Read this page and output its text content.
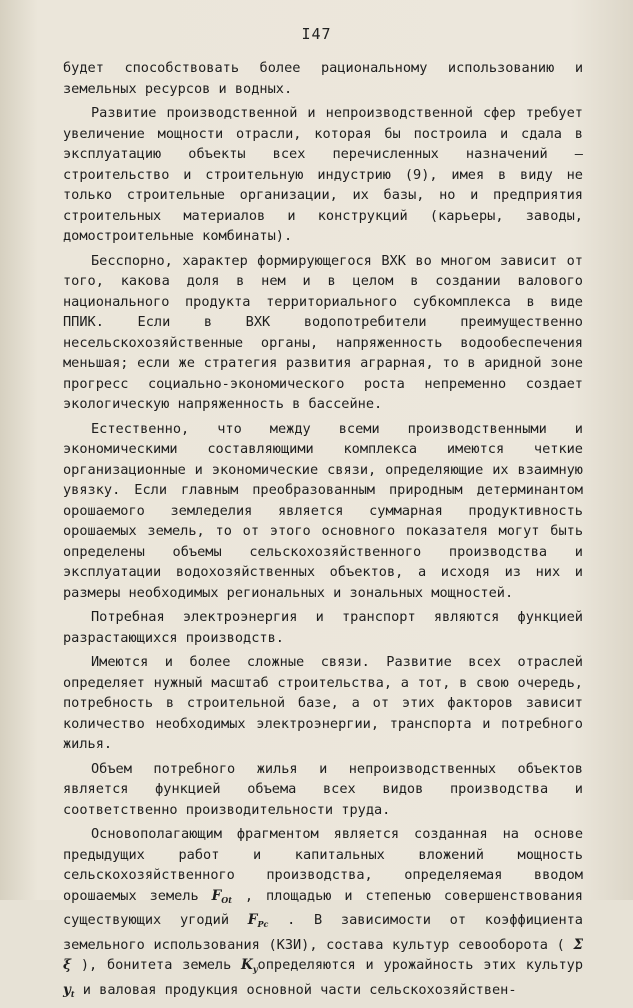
I47

будет способствовать более рациональному использованию и земельных ресурсов и водных.

Развитие производственной и непроизводственной сфер требует увеличение мощности отрасли, которая бы построила и сдала в эксплуатацию объекты всех перечисленных назначений – строительство и строительную индустрию (9), имея в виду не только строительные организации, их базы, но и предприятия строительных материалов и конструкций (карьеры, заводы, домостроительные комбинаты).

Бесспорно, характер формирующегося ВХК во многом зависит от того, какова доля в нем и в целом в создании валового национального продукта территориального субкомплекса в виде ППИК. Если в ВХК водопотребители преимущественно несельскохозяйственные органы, напряженность водообеспечения меньшая; если же стратегия развития аграрная, то в аридной зоне прогресс социально-экономического роста непременно создает экологическую напряженность в бассейне.

Естественно, что между всеми производственными и экономическими составляющими комплекса имеются четкие организационные и экономические связи, определяющие их взаимную увязку. Если главным преобразованным природным детерминантом орошаемого земледелия является суммарная продуктивность орошаемых земель, то от этого основного показателя могут быть определены объемы сельскохозяйственного производства и эксплуатации водохозяйственных объектов, а исходя из них и размеры необходимых региональных и зональных мощностей.

Потребная электроэнергия и транспорт являются функцией разрастающихся производств.

Имеются и более сложные связи. Развитие всех отраслей определяет нужный масштаб строительства, а тот, в свою очередь, потребность в строительной базе, а от этих факторов зависит количество необходимых электроэнергии, транспорта и потребного жилья.

Объем потребного жилья и непроизводственных объектов является функцией объема всех видов производства и соответственно производительности труда.

Основополагающим фрагментом является созданная на основе предыдущих работ и капитальных вложений мощность сельскохозяйственного производства, определяемая вводом орошаемых земель $F_{Ot}$ , площадью и степенью совершенствования существующих угодий $F_{Pc}$ . В зависимости от коэффициента земельного использования (КЗИ), состава культур севооборота ( Σ ξ ), бонитета земель $K_yопределяются$ и урожайность этих культур $y_t$ и валовая продукция основной части сельскохозяйствен-
